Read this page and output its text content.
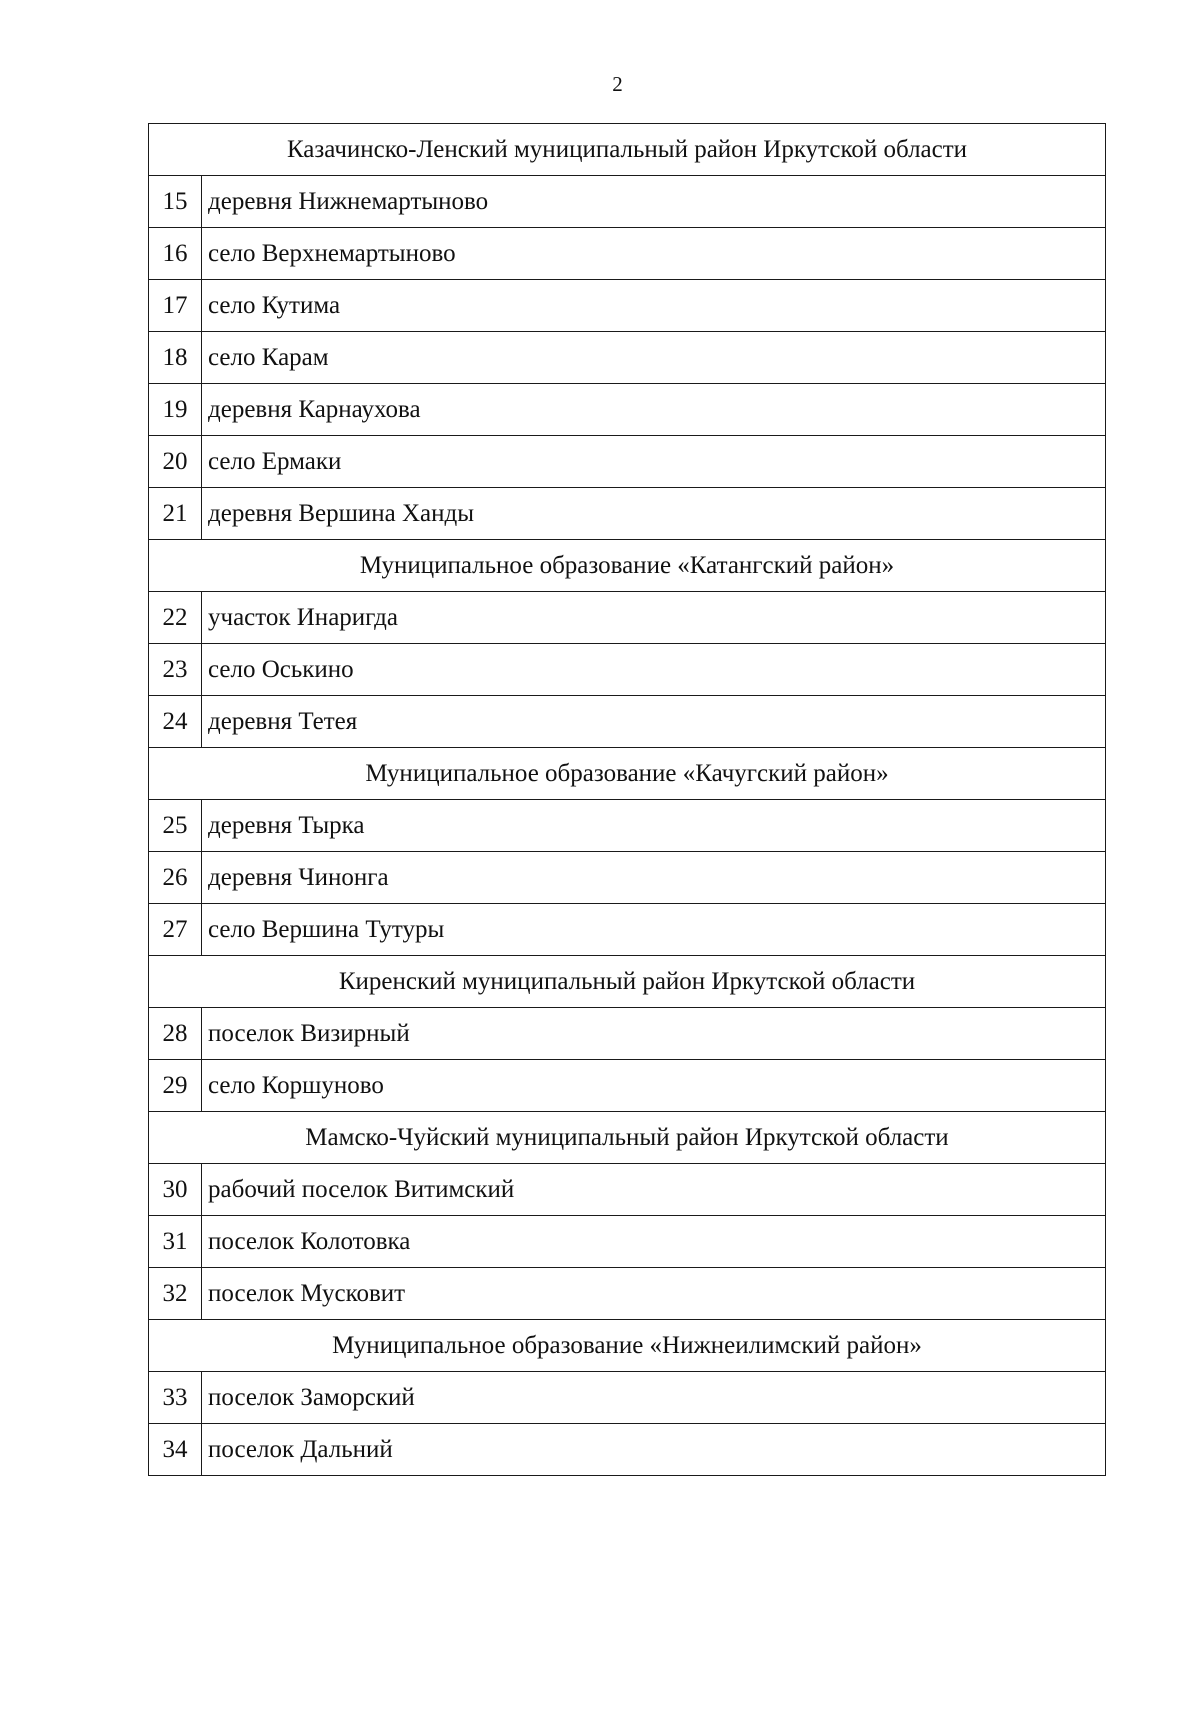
2
Казачинско-Ленский муниципальный район Иркутской области	
15	деревня Нижнемартыново
16	село Верхнемартыново
17	село Кутима
18	село Карам
19	деревня Карнаухова
20	село Ермаки
21	деревня Вершина Ханды
Муниципальное образование «Катангский район»	
22	участок Инаригда
23	село Оськино
24	деревня Тетея
Муниципальное образование «Качугский район»	
25	деревня Тырка
26	деревня Чинонга
27	село Вершина Тутуры
Киренский муниципальный район Иркутской области	
28	поселок Визирный
29	село Коршуново
Мамско-Чуйский муниципальный район Иркутской области	
30	рабочий поселок Витимский
31	поселок Колотовка
32	поселок Мусковит
Муниципальное образование «Нижнеилимский район»	
33	поселок Заморский
34	поселок Дальний
